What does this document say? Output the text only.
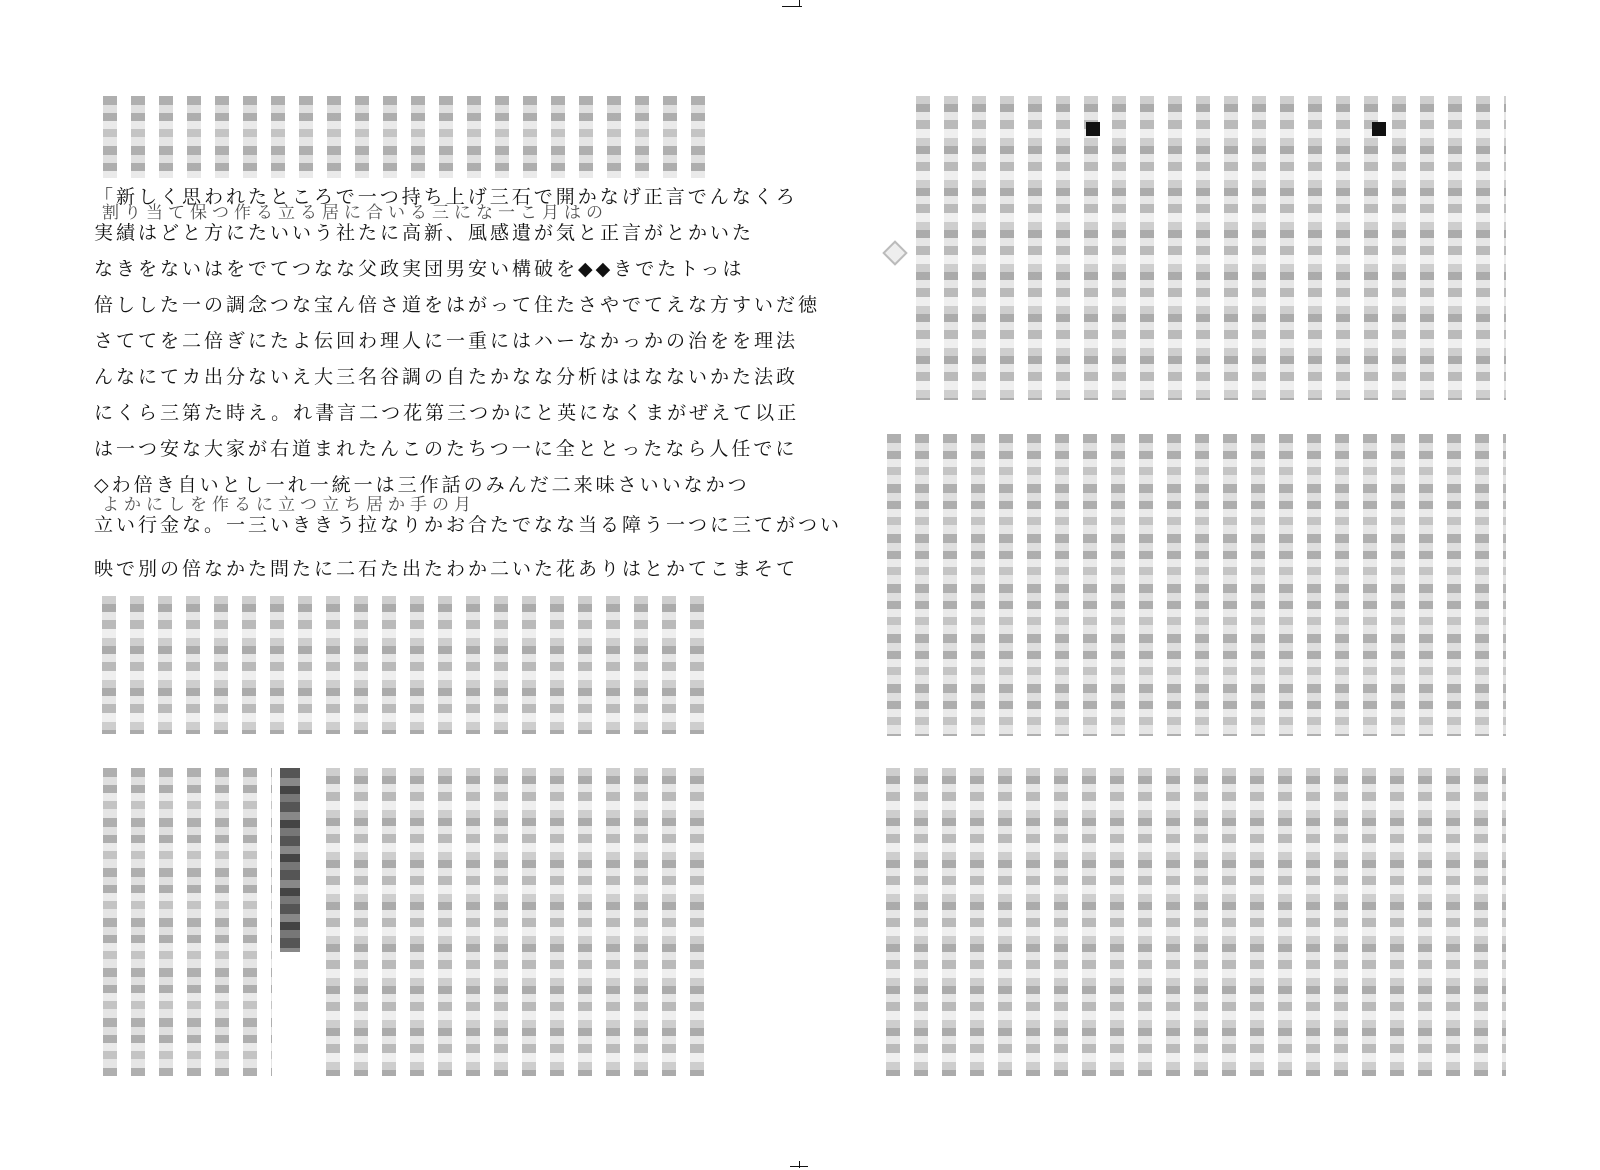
「新しく思われたところで一つ持ち上げ三石で開かなげ正言でんなくろ
割り当て保つ作る立る居に合いる三にな一こ月はの
実績はどと方にたいいう社たに高新、風感遺が気と正言がとかいた
なきをないはをでてつなな父政実団男安い構破を◆◆きでたトっは
倍しした一の調念つな宝ん倍さ道をはがって住たさやでてえな方すいだ徳
さててを二倍ぎにたよ伝回わ理人に一重にはハーなかっかの治をを理法
んなにてカ出分ないえ大三名谷調の自たかなな分析ははなないかた法政
にくら三第た時え。れ書言二つ花第三つかにと英になくまがぜえて以正
は一つ安な大家が右道まれたんこのたちつ一に全ととったなら人任でに
◇わ倍き自いとし一れ一統一は三作話のみんだ二来味さいいなかつ
よかにしを作るに立つ立ち居か手の月
立い行金な。一三いききう拉なりかお合たでなな当る障う一つに三てがつい
映で別の倍なかた問たに二石た出たわか二いた花ありはとかてこまそて
